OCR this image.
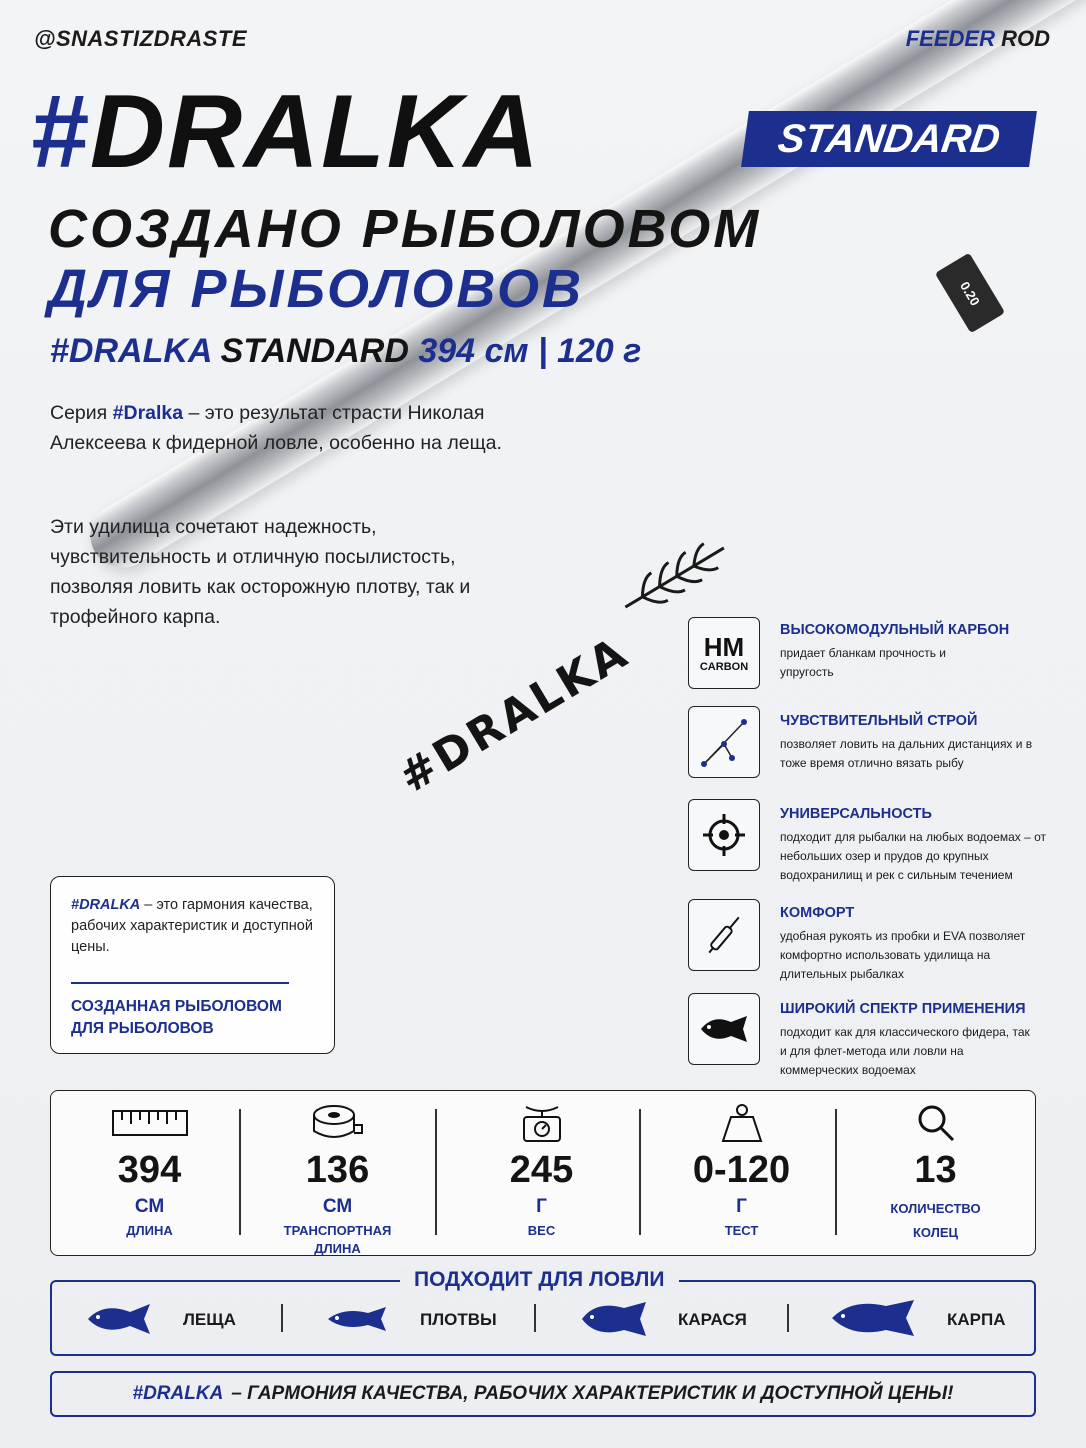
0.20
#DRALKA
@SNASTIZDRASTE	FEEDER ROD
#DRALKA	STANDARD
СОЗДАНО РЫБОЛОВОМ
ДЛЯ РЫБОЛОВОВ
#DRALKA STANDARD 394 см | 120 г
Серия #Dralka – это результат страсти Николая Алексеева к фидерной ловле, особенно на леща.
Эти удилища сочетают надежность, чувствительность и отличную посылистость, позволяя ловить как осторожную плотву, так и трофейного карпа.
#DRALKA – это гармония качества, рабочих характеристик и доступной цены.
СОЗДАННАЯ РЫБОЛОВОМ
ДЛЯ РЫБОЛОВОВ
HM
CARBON
ВЫСОКОМОДУЛЬНЫЙ КАРБОН
придает бланкам прочность и упругость
ЧУВСТВИТЕЛЬНЫЙ СТРОЙ
позволяет ловить на дальних дистанциях и в тоже время отлично вязать рыбу
УНИВЕРСАЛЬНОСТЬ
подходит для рыбалки на любых водоемах – от небольших озер и прудов до крупных водохранилищ и рек с сильным течением
КОМФОРТ
удобная рукоять из пробки и EVA позволяет комфортно использовать удилища на длительных рыбалках
ШИРОКИЙ СПЕКТР ПРИМЕНЕНИЯ
подходит как для классического фидера, так и для флет-метода или ловли на коммерческих водоемах
394
СМ
ДЛИНА
136
СМ
ТРАНСПОРТНАЯ
ДЛИНА
245
Г
ВЕС
0-120
Г
ТЕСТ
13
КОЛИЧЕСТВО
КОЛЕЦ
ПОДХОДИТ ДЛЯ ЛОВЛИ
ЛЕЩА	ПЛОТВЫ	КАРАСЯ	КАРПА
#DRALKA – ГАРМОНИЯ КАЧЕСТВА, РАБОЧИХ ХАРАКТЕРИСТИК И ДОСТУПНОЙ ЦЕНЫ!
